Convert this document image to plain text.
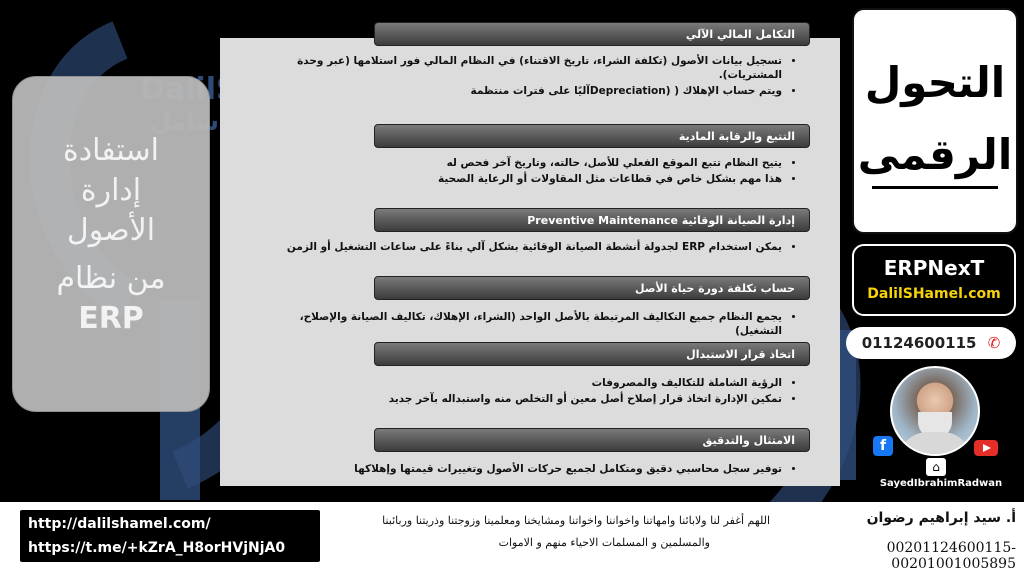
استفادة
إدارة
الأصول
من نظام
ERP
التكامل المالي الآلي
• تسجيل بيانات الأصول (تكلفة الشراء، تاريخ الاقتناء) في النظام المالي فور استلامها (عبر وحدة المشتريات).
• ويتم حساب الإهلاك ( (Depreciationآليًا على فترات منتظمة
التتبع والرقابة المادية
• يتيح النظام تتبع الموقع الفعلي للأصل، حالته، وتاريخ آخر فحص له
• هذا مهم بشكل خاص في قطاعات مثل المقاولات أو الرعاية الصحية
إدارة الصيانة الوقائية Preventive Maintenance
• يمكن استخدام ERP لجدولة أنشطة الصيانة الوقائية بشكل آلي بناءً على ساعات التشغيل أو الزمن
حساب تكلفة دورة حياة الأصل
• يجمع النظام جميع التكاليف المرتبطة بالأصل الواحد (الشراء، الإهلاك، تكاليف الصيانة والإصلاح، التشغيل)
اتخاذ قرار الاستبدال
• الرؤية الشاملة للتكاليف والمصروفات
• تمكين الإدارة اتخاذ قرار إصلاح أصل معين أو التخلص منه واستبداله بآخر جديد
الامتثال والتدقيق
• توفير سجل محاسبي دقيق ومتكامل لجميع حركات الأصول وتغييرات قيمتها وإهلاكها
التحول
الرقمى
ERPNexT
DalilSHamel.com
01124600115 ✆
f
⌂
SayedIbrahimRadwan
http://dalilshamel.com/
https://t.me/+kZrA_H8orHVjNjA0
اللهم أغفر لنا ولابائنا وامهاتنا واخواننا واخواتنا ومشايخنا ومعلمينا وزوجتنا وذريتنا وربائبنا
والمسلمين و المسلمات الاحياء منهم و الاموات
أ. سيد إبراهيم رضوان
00201124600115- 00201001005895
